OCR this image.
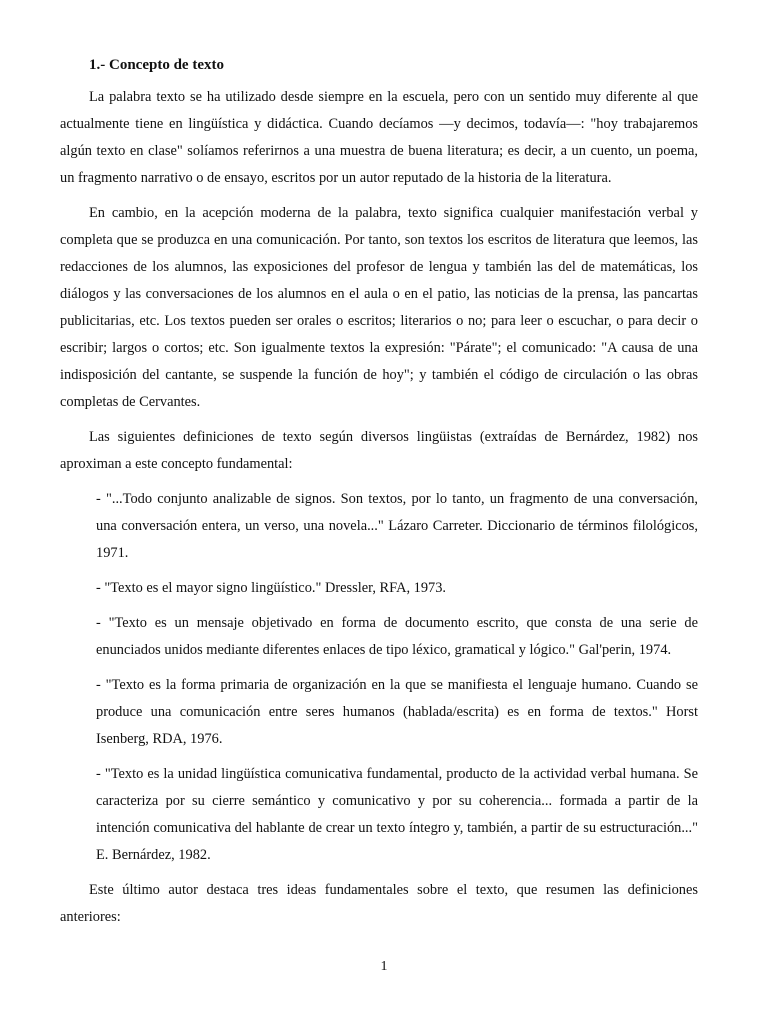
1.- Concepto de texto

La palabra texto se ha utilizado desde siempre en la escuela, pero con un sentido muy diferente al que actualmente tiene en lingüística y didáctica. Cuando decíamos —y decimos, todavía—: "hoy trabajaremos algún texto en clase" solíamos referirnos a una muestra de buena literatura; es decir, a un cuento, un poema, un fragmento narrativo o de ensayo, escritos por un autor reputado de la historia de la literatura.

En cambio, en la acepción moderna de la palabra, texto significa cualquier manifestación verbal y completa que se produzca en una comunicación. Por tanto, son textos los escritos de literatura que leemos, las redacciones de los alumnos, las exposiciones del profesor de lengua y también las del de matemáticas, los diálogos y las conversaciones de los alumnos en el aula o en el patio, las noticias de la prensa, las pancartas publicitarias, etc. Los textos pueden ser orales o escritos; literarios o no; para leer o escuchar, o para decir o escribir; largos o cortos; etc. Son igualmente textos la expresión: "Párate"; el comunicado: "A causa de una indisposición del cantante, se suspende la función de hoy"; y también el código de circulación o las obras completas de Cervantes.

Las siguientes definiciones de texto según diversos lingüistas (extraídas de Bernárdez, 1982) nos aproximan a este concepto fundamental:

- "...Todo conjunto analizable de signos. Son textos, por lo tanto, un fragmento de una conversación, una conversación entera, un verso, una novela..." Lázaro Carreter. Diccionario de términos filológicos, 1971.

- "Texto es el mayor signo lingüístico." Dressler, RFA, 1973.

- "Texto es un mensaje objetivado en forma de documento escrito, que consta de una serie de enunciados unidos mediante diferentes enlaces de tipo léxico, gramatical y lógico." Gal'perin, 1974.

- "Texto es la forma primaria de organización en la que se manifiesta el lenguaje humano. Cuando se produce una comunicación entre seres humanos (hablada/escrita) es en forma de textos." Horst Isenberg, RDA, 1976.

- "Texto es la unidad lingüística comunicativa fundamental, producto de la actividad verbal humana. Se caracteriza por su cierre semántico y comunicativo y por su coherencia... formada a partir de la intención comunicativa del hablante de crear un texto íntegro y, también, a partir de su estructuración..." E. Bernárdez, 1982.

Este último autor destaca tres ideas fundamentales sobre el texto, que resumen las definiciones anteriores:

1
